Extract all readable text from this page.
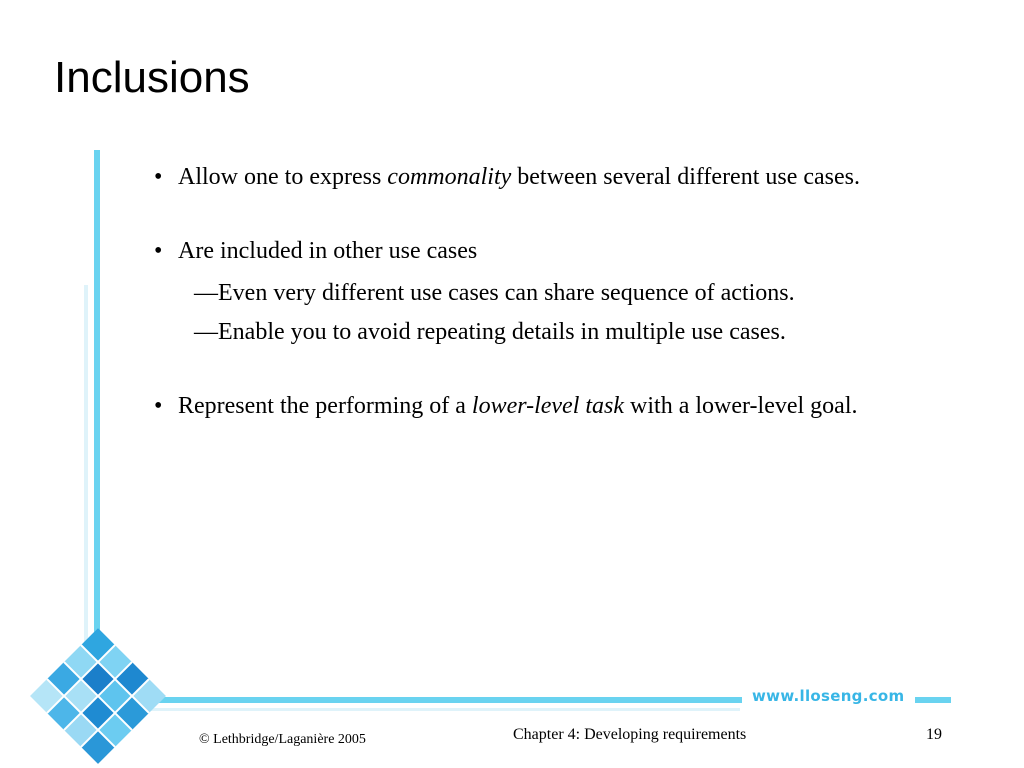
Inclusions
www.lloseng.com
• Allow one to express commonality between several different use cases.
• Are included in other use cases
—Even very different use cases can share sequence of actions.
—Enable you to avoid repeating details in multiple use cases.
• Represent the performing of a lower-level task with a lower-level goal.
© Lethbridge/Laganière 2005	Chapter 4: Developing requirements	19
